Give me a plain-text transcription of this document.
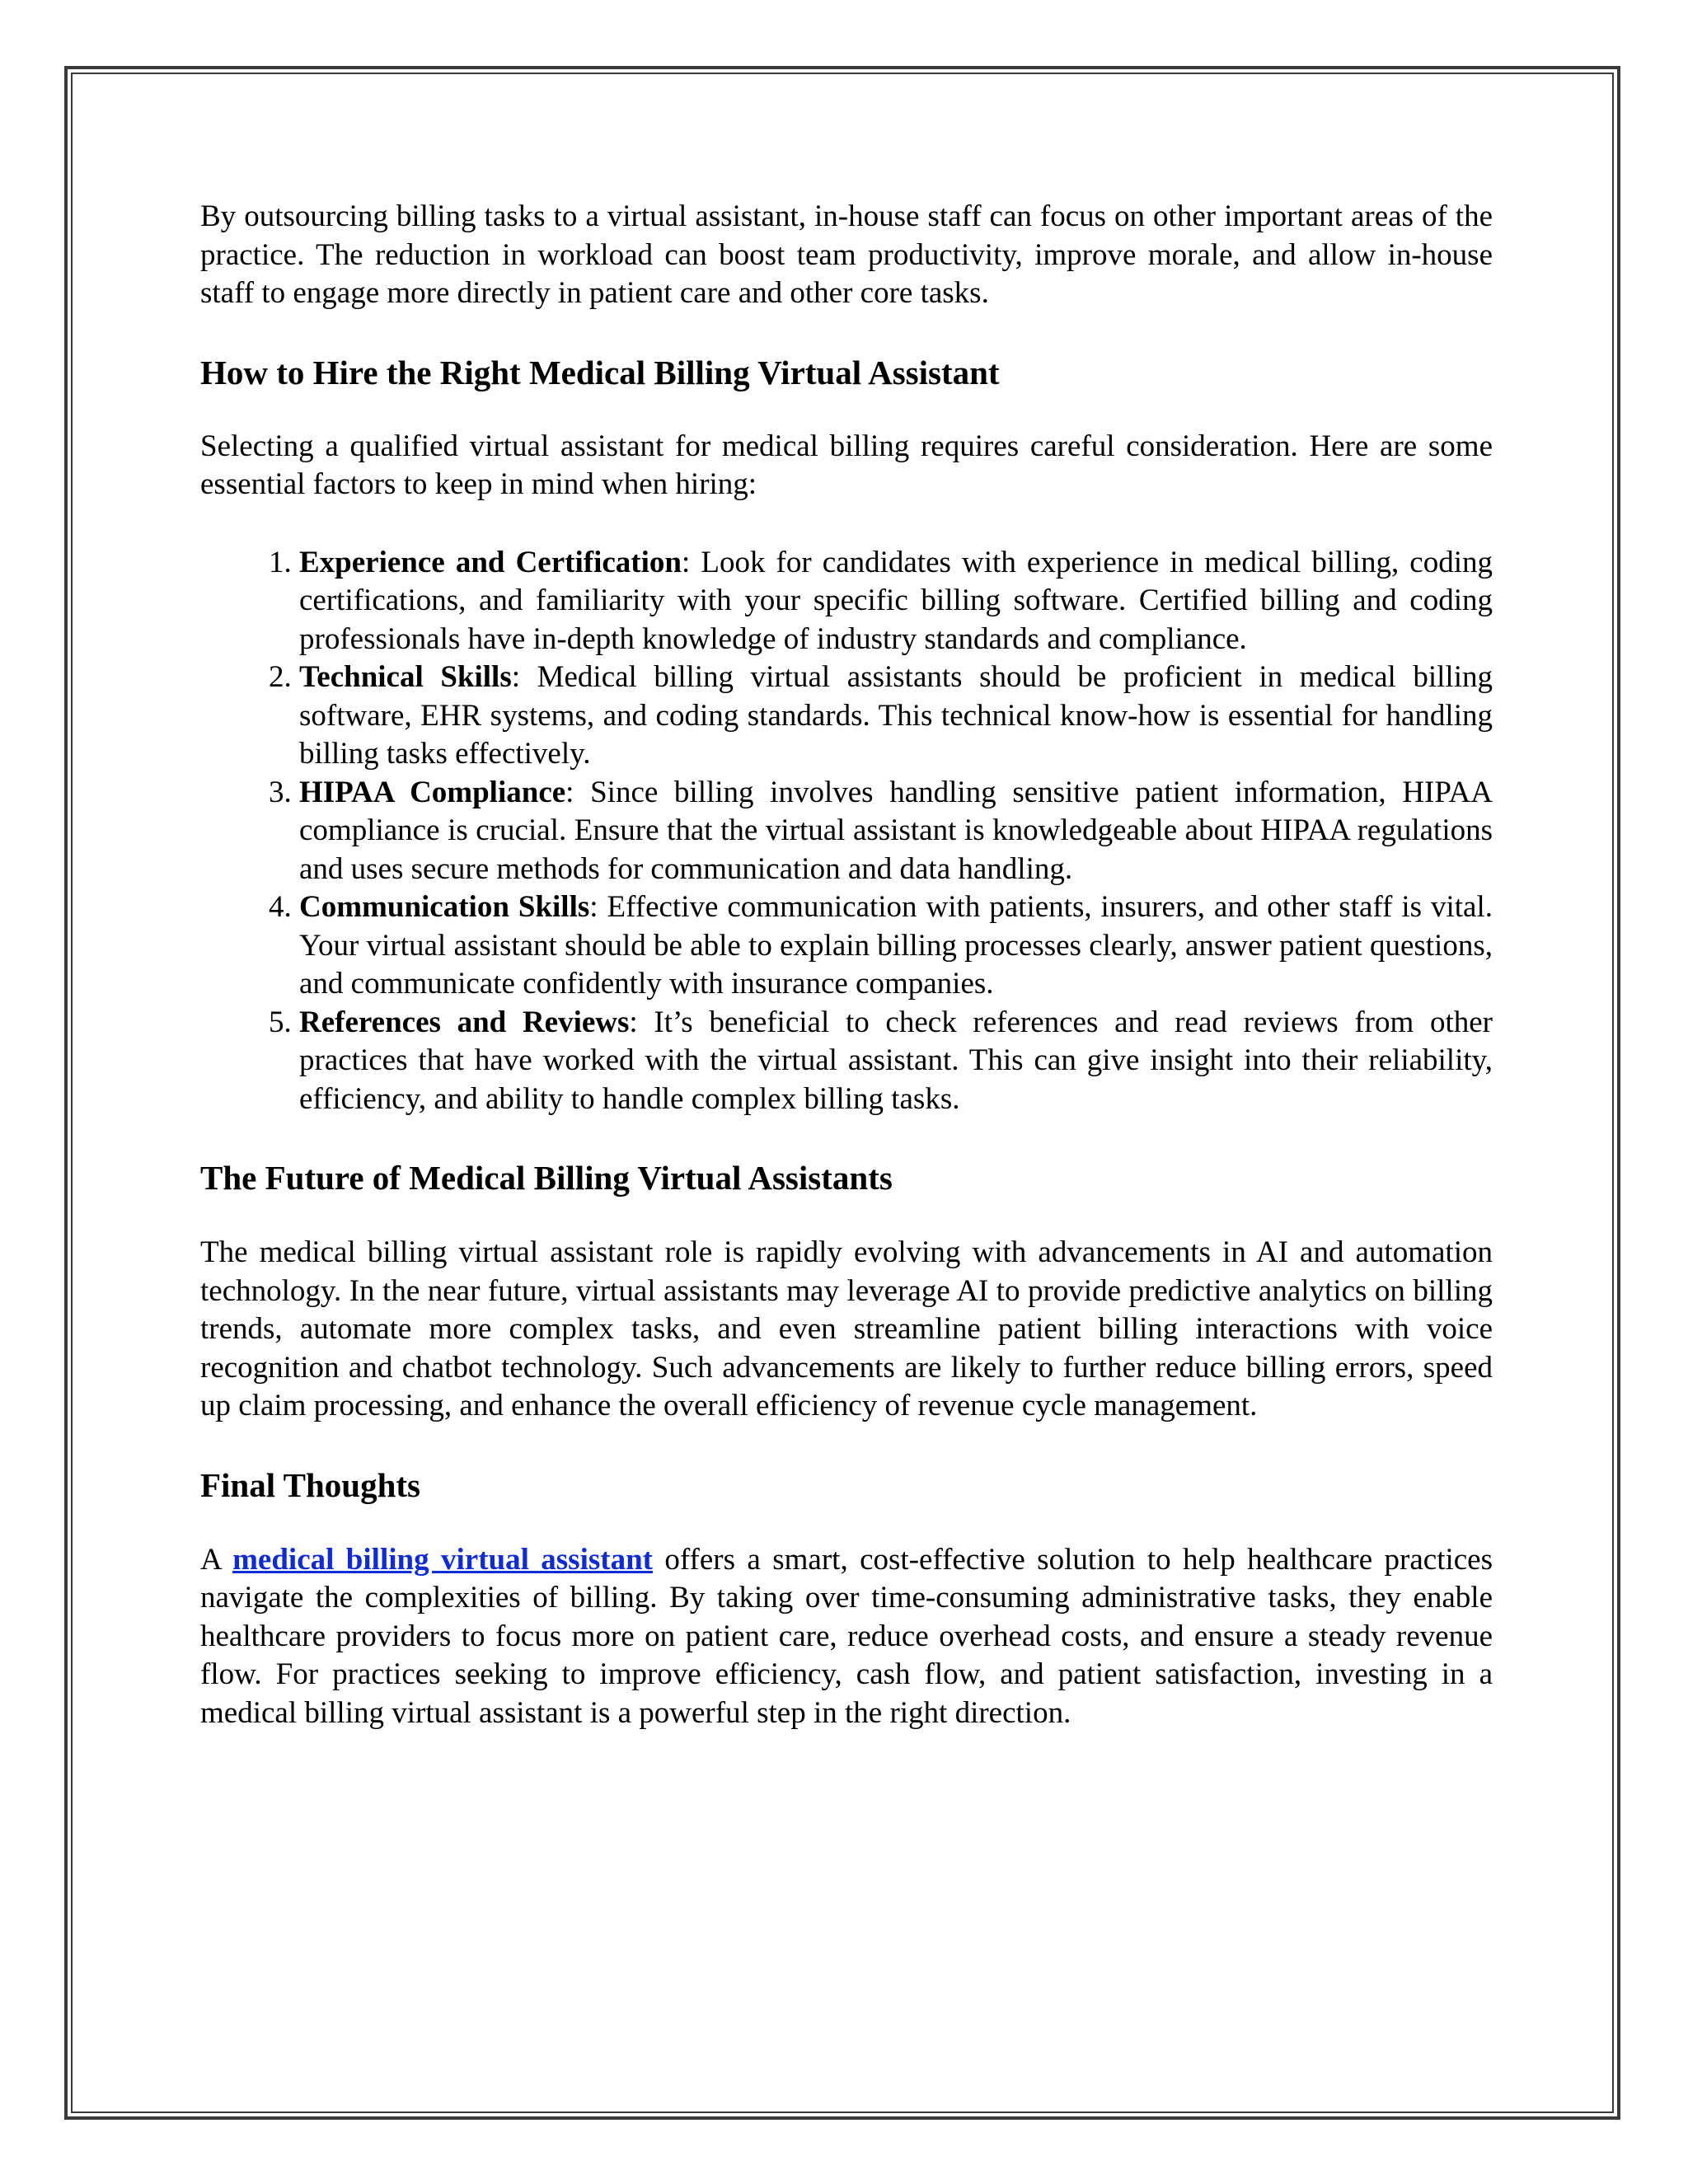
By outsourcing billing tasks to a virtual assistant, in-house staff can focus on other important areas of the practice. The reduction in workload can boost team productivity, improve morale, and allow in-house staff to engage more directly in patient care and other core tasks.

How to Hire the Right Medical Billing Virtual Assistant

Selecting a qualified virtual assistant for medical billing requires careful consideration. Here are some essential factors to keep in mind when hiring:

1. Experience and Certification: Look for candidates with experience in medical billing, coding certifications, and familiarity with your specific billing software. Certified billing and coding professionals have in-depth knowledge of industry standards and compliance.
2. Technical Skills: Medical billing virtual assistants should be proficient in medical billing software, EHR systems, and coding standards. This technical know-how is essential for handling billing tasks effectively.
3. HIPAA Compliance: Since billing involves handling sensitive patient information, HIPAA compliance is crucial. Ensure that the virtual assistant is knowledgeable about HIPAA regulations and uses secure methods for communication and data handling.
4. Communication Skills: Effective communication with patients, insurers, and other staff is vital. Your virtual assistant should be able to explain billing processes clearly, answer patient questions, and communicate confidently with insurance companies.
5. References and Reviews: It’s beneficial to check references and read reviews from other practices that have worked with the virtual assistant. This can give insight into their reliability, efficiency, and ability to handle complex billing tasks.
The Future of Medical Billing Virtual Assistants

The medical billing virtual assistant role is rapidly evolving with advancements in AI and automation technology. In the near future, virtual assistants may leverage AI to provide predictive analytics on billing trends, automate more complex tasks, and even streamline patient billing interactions with voice recognition and chatbot technology. Such advancements are likely to further reduce billing errors, speed up claim processing, and enhance the overall efficiency of revenue cycle management.

Final Thoughts

A medical billing virtual assistant offers a smart, cost-effective solution to help healthcare practices navigate the complexities of billing. By taking over time-consuming administrative tasks, they enable healthcare providers to focus more on patient care, reduce overhead costs, and ensure a steady revenue flow. For practices seeking to improve efficiency, cash flow, and patient satisfaction, investing in a medical billing virtual assistant is a powerful step in the right direction.
